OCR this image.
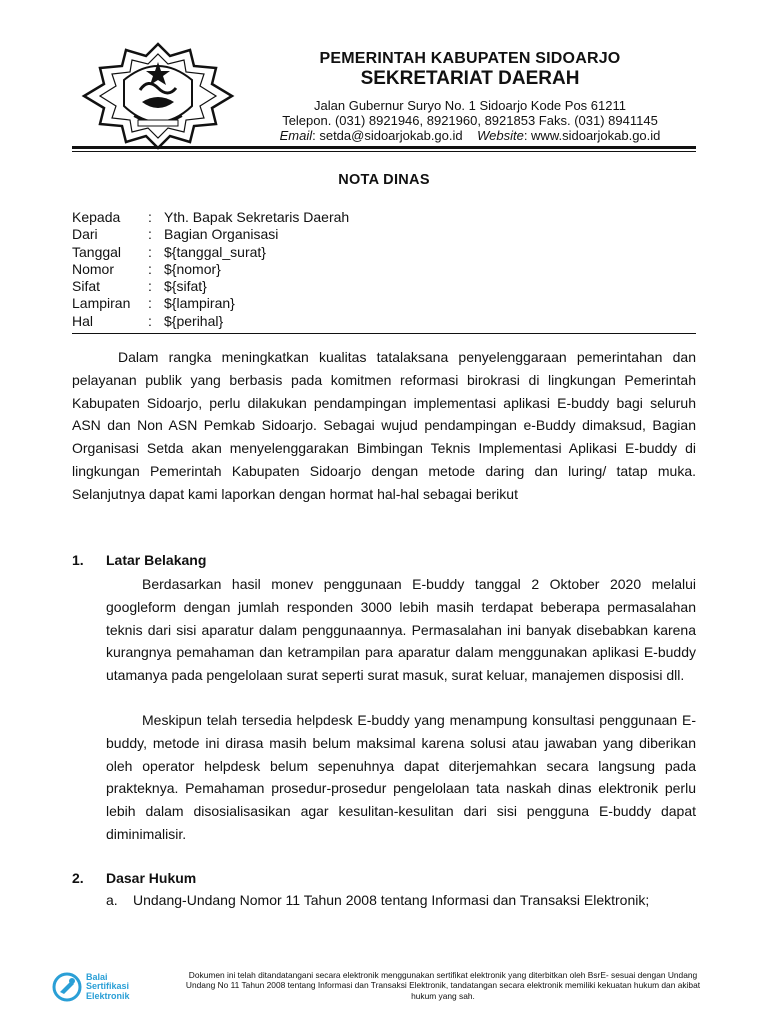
PEMERINTAH KABUPATEN SIDOARJO
SEKRETARIAT DAERAH
Jalan Gubernur Suryo No. 1 Sidoarjo Kode Pos 61211
Telepon. (031) 8921946, 8921960, 8921853 Faks. (031) 8941145
Email: setda@sidoarjokab.go.id Website: www.sidoarjokab.go.id
NOTA DINAS
Kepada	: Yth. Bapak Sekretaris Daerah
Dari	: Bagian Organisasi
Tanggal	: ${tanggal_surat}
Nomor	: ${nomor}
Sifat	: ${sifat}
Lampiran	: ${lampiran}
Hal	: ${perihal}
Dalam rangka meningkatkan kualitas tatalaksana penyelenggaraan pemerintahan dan pelayanan publik yang berbasis pada komitmen reformasi birokrasi di lingkungan Pemerintah Kabupaten Sidoarjo, perlu dilakukan pendampingan implementasi aplikasi E-buddy bagi seluruh ASN dan Non ASN Pemkab Sidoarjo. Sebagai wujud pendampingan e-Buddy dimaksud, Bagian Organisasi Setda akan menyelenggarakan Bimbingan Teknis Implementasi Aplikasi E-buddy di lingkungan Pemerintah Kabupaten Sidoarjo dengan metode daring dan luring/ tatap muka. Selanjutnya dapat kami laporkan dengan hormat hal-hal sebagai berikut
1.	Latar Belakang
Berdasarkan hasil monev penggunaan E-buddy tanggal 2 Oktober 2020 melalui googleform dengan jumlah responden 3000 lebih masih terdapat beberapa permasalahan teknis dari sisi aparatur dalam penggunaannya. Permasalahan ini banyak disebabkan karena kurangnya pemahaman dan ketrampilan para aparatur dalam menggunakan aplikasi E-buddy utamanya pada pengelolaan surat seperti surat masuk, surat keluar, manajemen disposisi dll.
Meskipun telah tersedia helpdesk E-buddy yang menampung konsultasi penggunaan E-buddy, metode ini dirasa masih belum maksimal karena solusi atau jawaban yang diberikan oleh operator helpdesk belum sepenuhnya dapat diterjemahkan secara langsung pada prakteknya. Pemahaman prosedur-prosedur pengelolaan tata naskah dinas elektronik perlu lebih dalam disosialisasikan agar kesulitan-kesulitan dari sisi pengguna E-buddy dapat diminimalisir.
2.	Dasar Hukum
a.	Undang-Undang Nomor 11 Tahun 2008 tentang Informasi dan Transaksi Elektronik;
Balai
Sertifikasi
Elektronik
Dokumen ini telah ditandatangani secara elektronik menggunakan sertifikat elektronik yang diterbitkan oleh BsrE- sesuai dengan Undang Undang No 11 Tahun 2008 tentang Informasi dan Transaksi Elektronik, tandatangan secara elektronik memiliki kekuatan hukum dan akibat hukum yang sah.
